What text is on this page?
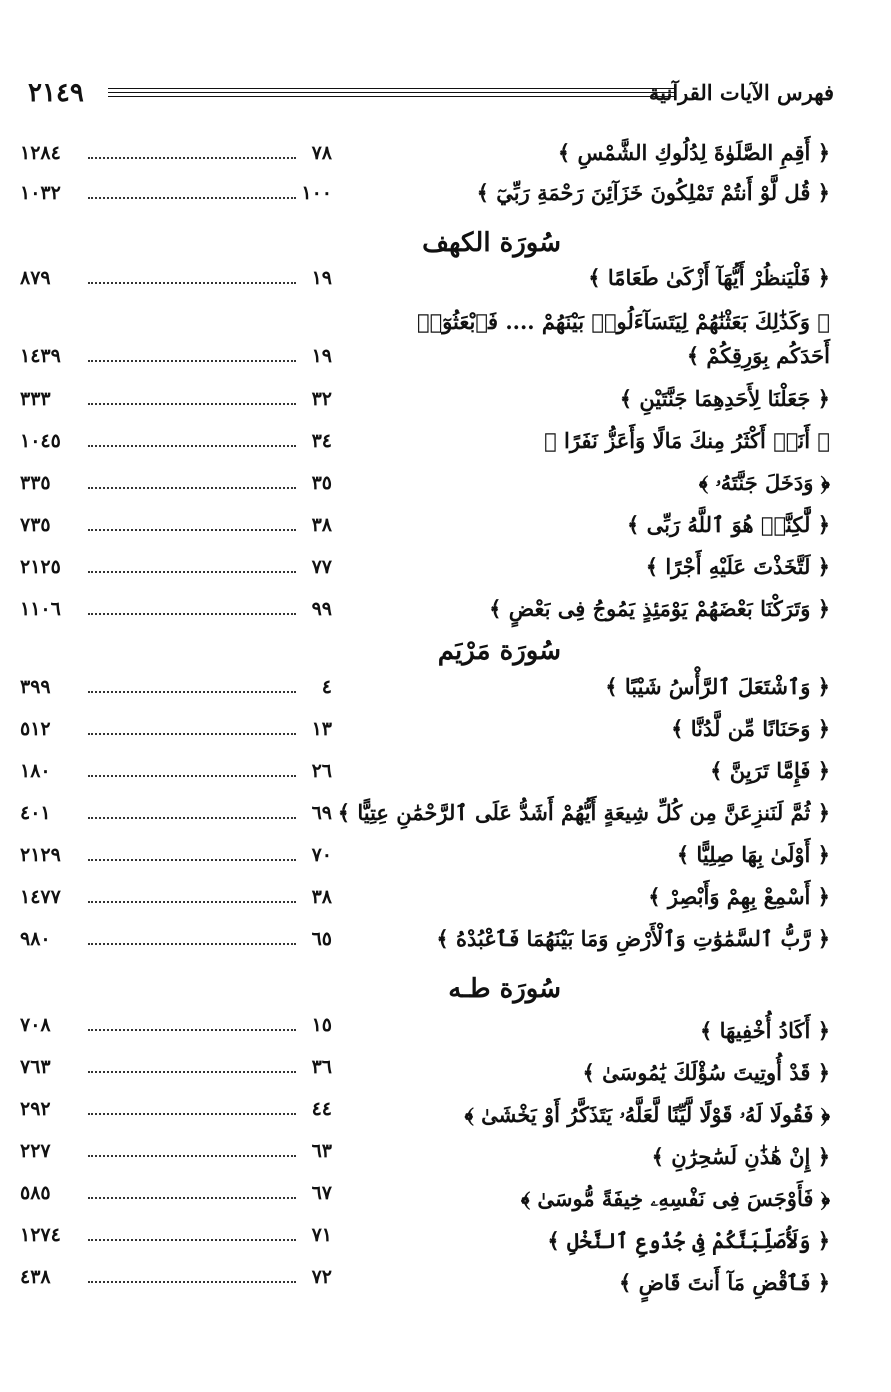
٢١٤٩	فهرس الآيات القرآنية
﴿ أَقِمِ الصَّلَوٰةَ لِدُلُوكِ الشَّمْسِ ﴾
٧٨
١٢٨٤
﴿ قُل لَّوْ أَنتُمْ تَمْلِكُونَ خَزَآئِنَ رَحْمَةِ رَبِّيٓ ﴾
١٠٠
١٠٣٢
سُورَة الكهف
﴿ فَلْيَنظُرْ أَيُّهَآ أَزْكَىٰ طَعَامًا ﴾
١٩
٨٧٩
﴿ وَكَذَٰلِكَ بَعَثْنَٰهُمْ لِيَتَسَآءَلُوا۟ بَيْنَهُمْ .... فَٱبْعَثُوٓا۟
أَحَدَكُم بِوَرِقِكُمْ ﴾
١٩
١٤٣٩
﴿ جَعَلْنَا لِأَحَدِهِمَا جَنَّتَيْنِ ﴾
٣٢
٣٣٣
﴿ أَنَا۠ أَكْثَرُ مِنكَ مَالًا وَأَعَزُّ نَفَرًا ﴾
٣٤
١٠٤٥
﴿ وَدَخَلَ جَنَّتَهُۥ ﴾
٣٥
٣٣٥
﴿ لَّٰكِنَّا۠ هُوَ ٱللَّهُ رَبِّى ﴾
٣٨
٧٣٥
﴿ لَتَّخَذْتَ عَلَيْهِ أَجْرًا ﴾
٧٧
٢١٢٥
﴿ وَتَرَكْنَا بَعْضَهُمْ يَوْمَئِذٍ يَمُوجُ فِى بَعْضٍ ﴾
٩٩
١١٠٦
سُورَة مَرْيَم
﴿ وَٱشْتَعَلَ ٱلرَّأْسُ شَيْبًا ﴾
٤
٣٩٩
﴿ وَحَنَانًا مِّن لَّدُنَّا ﴾
١٣
٥١٢
﴿ فَإِمَّا تَرَيِنَّ ﴾
٢٦
١٨٠
﴿ ثُمَّ لَنَنزِعَنَّ مِن كُلِّ شِيعَةٍ أَيُّهُمْ أَشَدُّ عَلَى ٱلرَّحْمَٰنِ عِتِيًّا ﴾
٦٩
٤٠١
﴿ أَوْلَىٰ بِهَا صِلِيًّا ﴾
٧٠
٢١٢٩
﴿ أَسْمِعْ بِهِمْ وَأَبْصِرْ ﴾
٣٨
١٤٧٧
﴿ رَّبُّ ٱلسَّمَٰوَٰتِ وَٱلْأَرْضِ وَمَا بَيْنَهُمَا فَٱعْبُدْهُ ﴾
٦٥
٩٨٠
سُورَة طـه
﴿ أَكَادُ أُخْفِيهَا ﴾
١٥
٧٠٨
﴿ قَدْ أُوتِيتَ سُؤْلَكَ يَٰمُوسَىٰ ﴾
٣٦
٧٦٣
﴿ فَقُولَا لَهُۥ قَوْلًا لَّيِّنًا لَّعَلَّهُۥ يَتَذَكَّرُ أَوْ يَخْشَىٰ ﴾
٤٤
٢٩٢
﴿ إِنْ هَٰذَٰنِ لَسَٰحِرَٰنِ ﴾
٦٣
٢٢٧
﴿ فَأَوْجَسَ فِى نَفْسِهِۦ خِيفَةً مُّوسَىٰ ﴾
٦٧
٥٨٥
﴿ وَلَأُصَلِّبَنَّكُمْ فِى جُذُوعِ ٱلنَّخْلِ ﴾
٧١
١٢٧٤
﴿ فَٱقْضِ مَآ أَنتَ قَاضٍ ﴾
٧٢
٤٣٨
